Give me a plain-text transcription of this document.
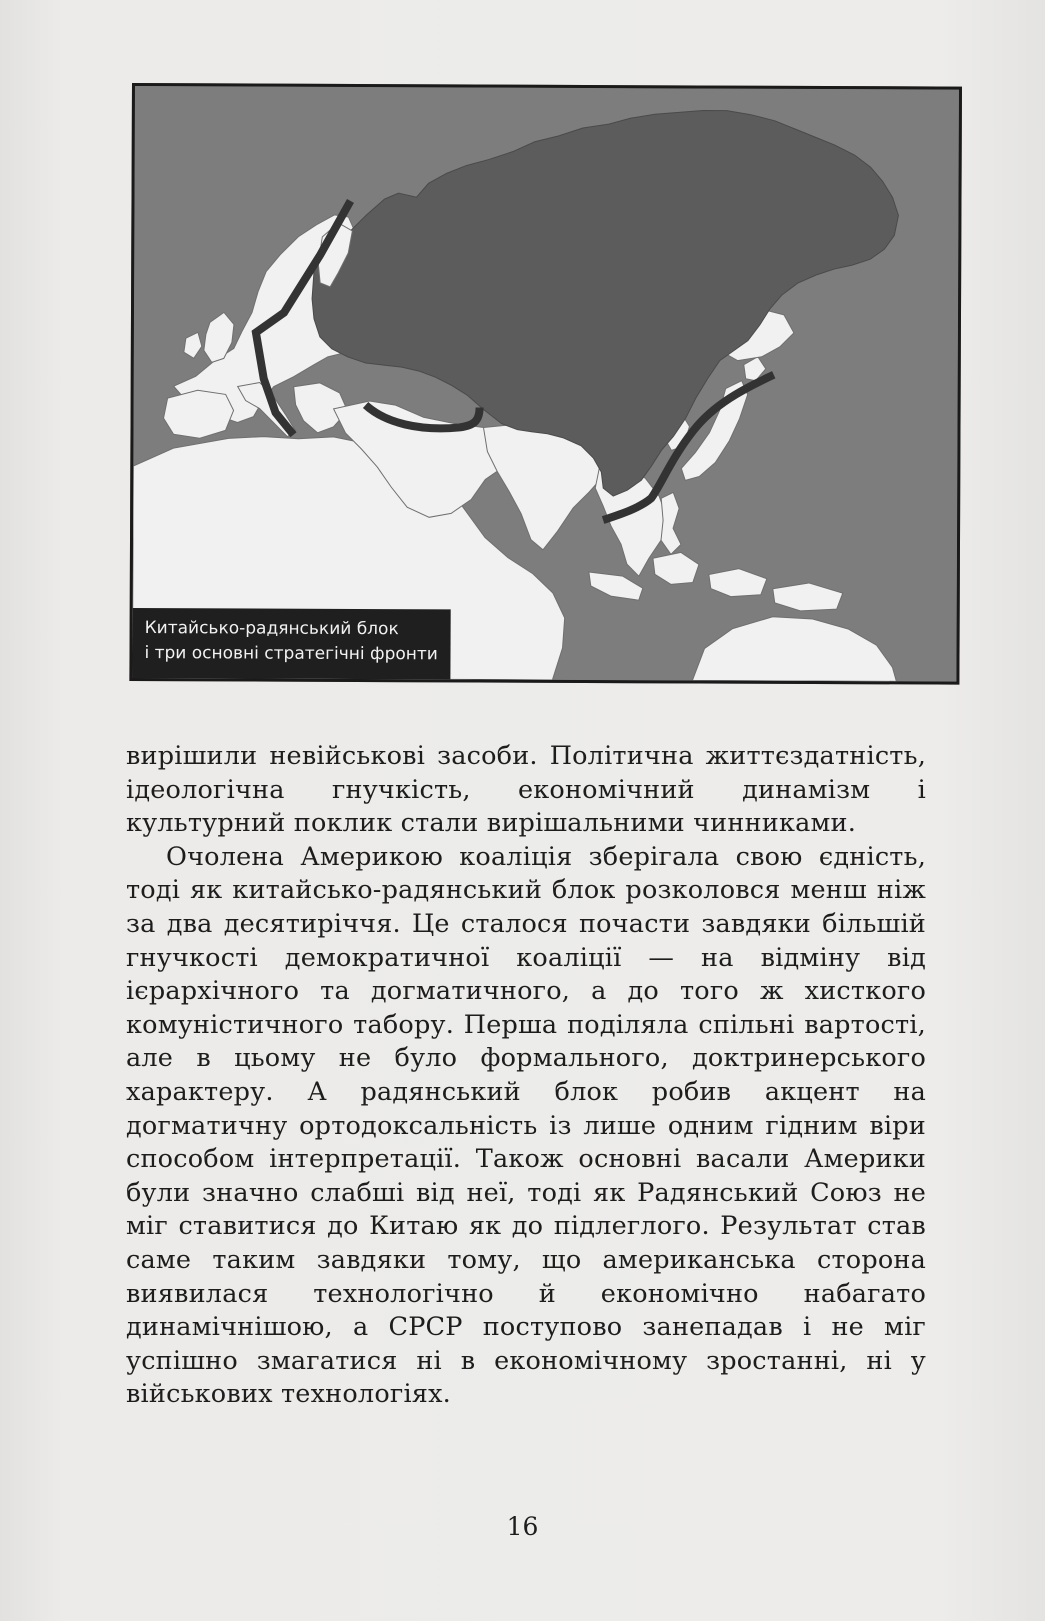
Китайсько-радянський блок
і три основні стратегічні фронти

вирішили невійськові засоби. Політична життєздатність, ідеологічна гнучкість, економічний динамізм і культурний поклик стали вирішальними чинниками.

Очолена Америкою коаліція зберігала свою єдність, тоді як китайсько-радянський блок розколовся менш ніж за два десятиріччя. Це сталося почасти завдяки більшій гнучкості демократичної коаліції — на відміну від ієрархічного та догматичного, а до того ж хисткого комуністичного табору. Перша поділяла спільні вартості, але в цьому не було формального, доктринерського характеру. А радянський блок робив акцент на догматичну ортодоксальність із лише одним гідним віри способом інтерпретації. Також основні васали Америки були значно слабші від неї, тоді як Радянський Союз не міг ставитися до Китаю як до підлеглого. Результат став саме таким завдяки тому, що американська сторона виявилася технологічно й економічно набагато динамічнішою, а СРСР поступово занепадав і не міг успішно змагатися ні в економічному зростанні, ні у військових технологіях.

16
